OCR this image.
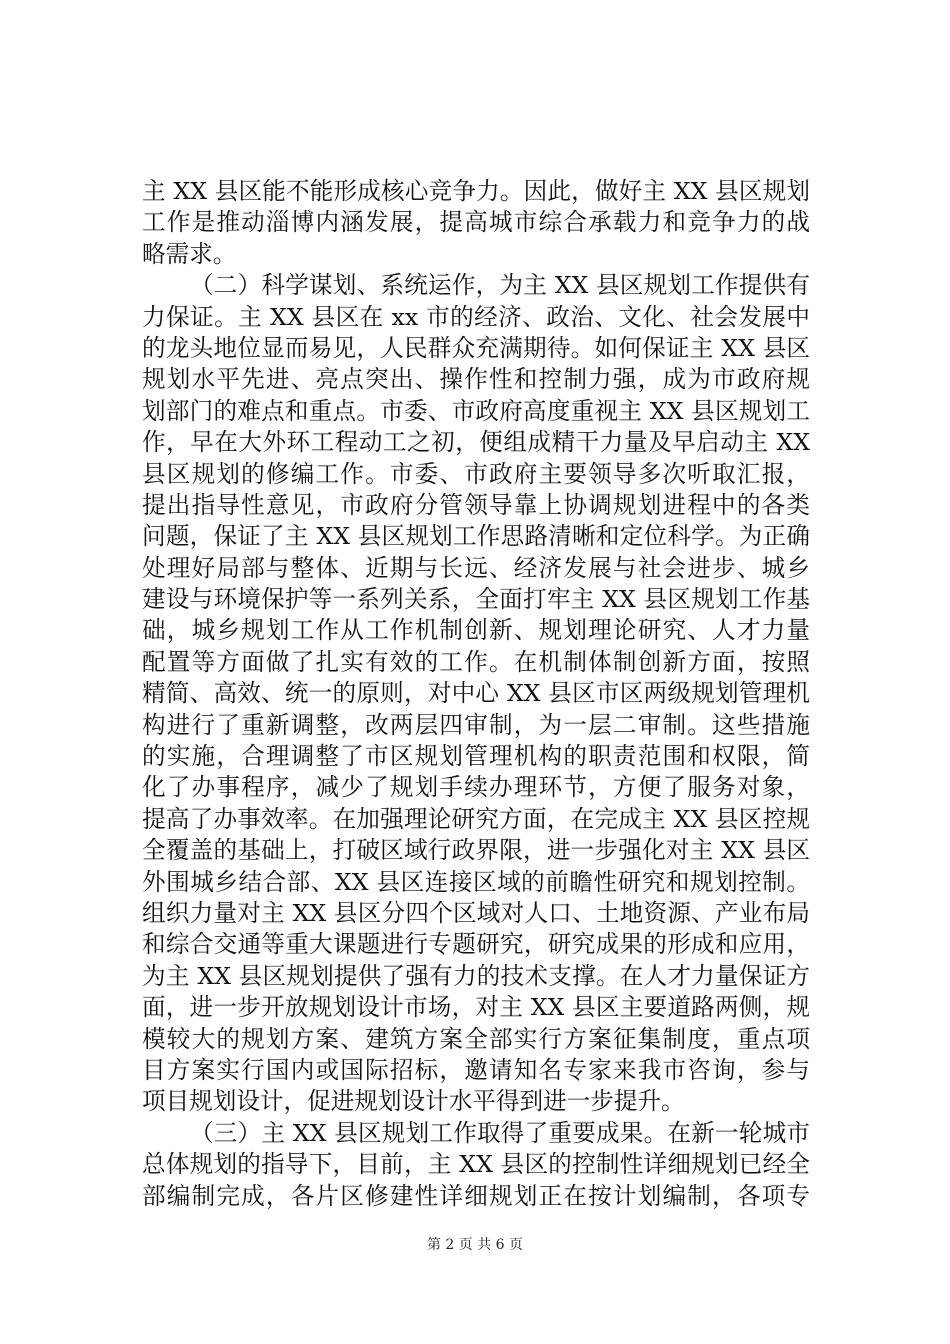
主 XX 县区能不能形成核心竞争力。因此，做好主 XX 县区规划
工作是推动淄博内涵发展，提高城市综合承载力和竞争力的战
略需求。
（二）科学谋划、系统运作，为主 XX 县区规划工作提供有
力保证。主 XX 县区在 xx 市的经济、政治、文化、社会发展中
的龙头地位显而易见，人民群众充满期待。如何保证主 XX 县区
规划水平先进、亮点突出、操作性和控制力强，成为市政府规
划部门的难点和重点。市委、市政府高度重视主 XX 县区规划工
作，早在大外环工程动工之初，便组成精干力量及早启动主 XX
县区规划的修编工作。市委、市政府主要领导多次听取汇报，
提出指导性意见，市政府分管领导靠上协调规划进程中的各类
问题，保证了主 XX 县区规划工作思路清晰和定位科学。为正确
处理好局部与整体、近期与长远、经济发展与社会进步、城乡
建设与环境保护等一系列关系，全面打牢主 XX 县区规划工作基
础，城乡规划工作从工作机制创新、规划理论研究、人才力量
配置等方面做了扎实有效的工作。在机制体制创新方面，按照
精简、高效、统一的原则，对中心 XX 县区市区两级规划管理机
构进行了重新调整，改两层四审制，为一层二审制。这些措施
的实施，合理调整了市区规划管理机构的职责范围和权限，简
化了办事程序，减少了规划手续办理环节，方便了服务对象，
提高了办事效率。在加强理论研究方面，在完成主 XX 县区控规
全覆盖的基础上，打破区域行政界限，进一步强化对主 XX 县区
外围城乡结合部、XX 县区连接区域的前瞻性研究和规划控制。
组织力量对主 XX 县区分四个区域对人口、土地资源、产业布局
和综合交通等重大课题进行专题研究，研究成果的形成和应用，
为主 XX 县区规划提供了强有力的技术支撑。在人才力量保证方
面，进一步开放规划设计市场，对主 XX 县区主要道路两侧，规
模较大的规划方案、建筑方案全部实行方案征集制度，重点项
目方案实行国内或国际招标，邀请知名专家来我市咨询，参与
项目规划设计，促进规划设计水平得到进一步提升。
（三）主 XX 县区规划工作取得了重要成果。在新一轮城市
总体规划的指导下，目前，主 XX 县区的控制性详细规划已经全
部编制完成，各片区修建性详细规划正在按计划编制，各项专
第 2 页 共 6 页
